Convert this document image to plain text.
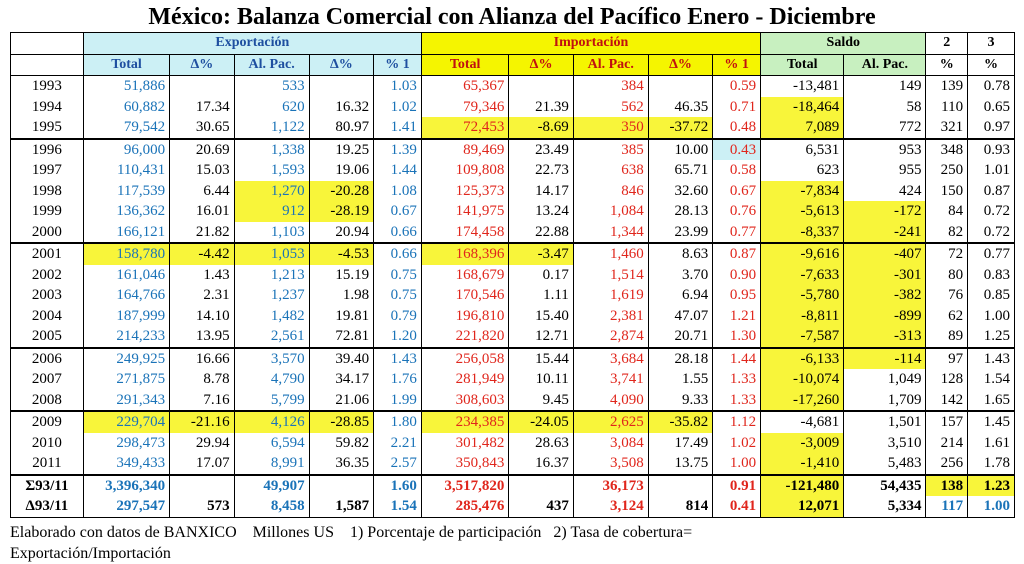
México: Balanza Comercial con Alianza del Pacífico Enero - Diciembre
	Exportación					Importación					Saldo		2	3
	Total	Δ%	Al. Pac.	Δ%	% 1	Total	Δ%	Al. Pac.	Δ%	% 1	Total	Al. Pac.	%	%
1993	51,886		533		1.03	65,367		384		0.59	-13,481	149	139	0.78
1994	60,882	17.34	620	16.32	1.02	79,346	21.39	562	46.35	0.71	-18,464	58	110	0.65
1995	79,542	30.65	1,122	80.97	1.41	72,453	-8.69	350	-37.72	0.48	7,089	772	321	0.97
1996	96,000	20.69	1,338	19.25	1.39	89,469	23.49	385	10.00	0.43	6,531	953	348	0.93
1997	110,431	15.03	1,593	19.06	1.44	109,808	22.73	638	65.71	0.58	623	955	250	1.01
1998	117,539	6.44	1,270	-20.28	1.08	125,373	14.17	846	32.60	0.67	-7,834	424	150	0.87
1999	136,362	16.01	912	-28.19	0.67	141,975	13.24	1,084	28.13	0.76	-5,613	-172	84	0.72
2000	166,121	21.82	1,103	20.94	0.66	174,458	22.88	1,344	23.99	0.77	-8,337	-241	82	0.72
2001	158,780	-4.42	1,053	-4.53	0.66	168,396	-3.47	1,460	8.63	0.87	-9,616	-407	72	0.77
2002	161,046	1.43	1,213	15.19	0.75	168,679	0.17	1,514	3.70	0.90	-7,633	-301	80	0.83
2003	164,766	2.31	1,237	1.98	0.75	170,546	1.11	1,619	6.94	0.95	-5,780	-382	76	0.85
2004	187,999	14.10	1,482	19.81	0.79	196,810	15.40	2,381	47.07	1.21	-8,811	-899	62	1.00
2005	214,233	13.95	2,561	72.81	1.20	221,820	12.71	2,874	20.71	1.30	-7,587	-313	89	1.25
2006	249,925	16.66	3,570	39.40	1.43	256,058	15.44	3,684	28.18	1.44	-6,133	-114	97	1.43
2007	271,875	8.78	4,790	34.17	1.76	281,949	10.11	3,741	1.55	1.33	-10,074	1,049	128	1.54
2008	291,343	7.16	5,799	21.06	1.99	308,603	9.45	4,090	9.33	1.33	-17,260	1,709	142	1.65
2009	229,704	-21.16	4,126	-28.85	1.80	234,385	-24.05	2,625	-35.82	1.12	-4,681	1,501	157	1.45
2010	298,473	29.94	6,594	59.82	2.21	301,482	28.63	3,084	17.49	1.02	-3,009	3,510	214	1.61
2011	349,433	17.07	8,991	36.35	2.57	350,843	16.37	3,508	13.75	1.00	-1,410	5,483	256	1.78
Σ93/11	3,396,340		49,907		1.60	3,517,820		36,173		0.91	-121,480	54,435	138	1.23
Δ93/11	297,547	573	8,458	1,587	1.54	285,476	437	3,124	814	0.41	12,071	5,334	117	1.00
Elaborado con datos de BANXICO    Millones US    1) Porcentaje de participación   2) Tasa de cobertura=
Exportación/Importación
